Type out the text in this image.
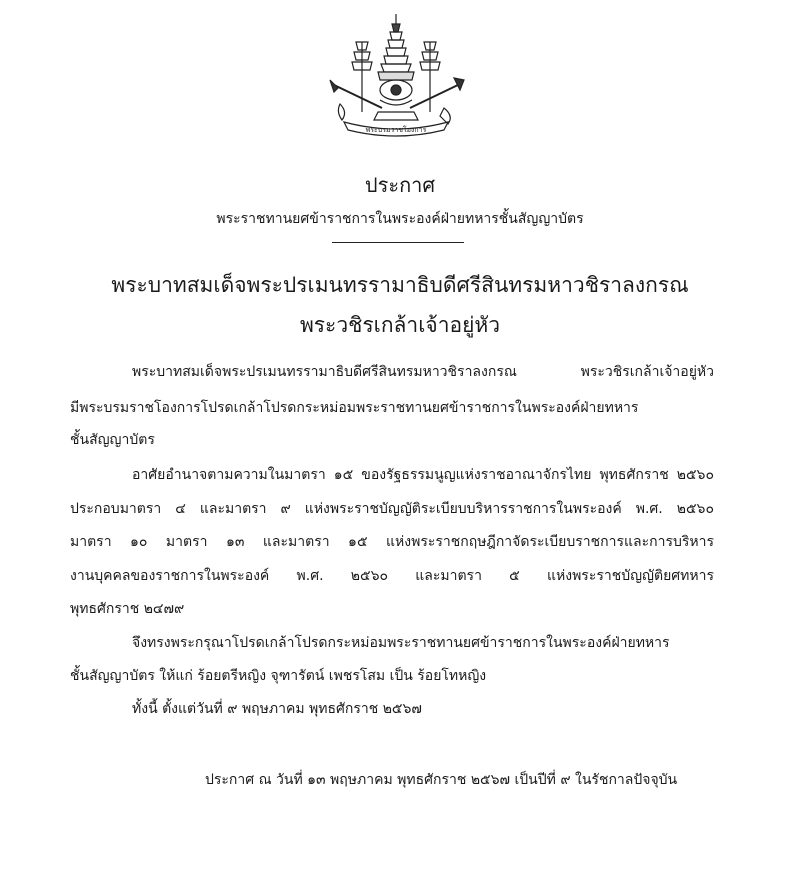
พระบรมราชโองการ
ประกาศ
พระราชทานยศข้าราชการในพระองค์ฝ่ายทหารชั้นสัญญาบัตร
พระบาทสมเด็จพระปรเมนทรรามาธิบดีศรีสินทรมหาวชิราลงกรณ
พระวชิรเกล้าเจ้าอยู่หัว
พระบาทสมเด็จพระปรเมนทรรามาธิบดีศรีสินทรมหาวชิราลงกรณ พระวชิรเกล้าเจ้าอยู่หัว
มีพระบรมราชโองการโปรดเกล้าโปรดกระหม่อมพระราชทานยศข้าราชการในพระองค์ฝ่ายทหาร
ชั้นสัญญาบัตร
อาศัยอำนาจตามความในมาตรา ๑๕ ของรัฐธรรมนูญแห่งราชอาณาจักรไทย พุทธศักราช ๒๕๖๐
ประกอบมาตรา ๔ และมาตรา ๙ แห่งพระราชบัญญัติระเบียบบริหารราชการในพระองค์ พ.ศ. ๒๕๖๐
มาตรา ๑๐ มาตรา ๑๓ และมาตรา ๑๕ แห่งพระราชกฤษฎีกาจัดระเบียบราชการและการบริหาร
งานบุคคลของราชการในพระองค์ พ.ศ. ๒๕๖๐ และมาตรา ๕ แห่งพระราชบัญญัติยศทหาร
พุทธศักราช ๒๔๗๙
จึงทรงพระกรุณาโปรดเกล้าโปรดกระหม่อมพระราชทานยศข้าราชการในพระองค์ฝ่ายทหาร
ชั้นสัญญาบัตร ให้แก่ ร้อยตรีหญิง จุฑารัตน์ เพชรโสม เป็น ร้อยโทหญิง
ทั้งนี้ ตั้งแต่วันที่ ๙ พฤษภาคม พุทธศักราช ๒๕๖๗
ประกาศ ณ วันที่ ๑๓ พฤษภาคม พุทธศักราช ๒๕๖๗ เป็นปีที่ ๙ ในรัชกาลปัจจุบัน
